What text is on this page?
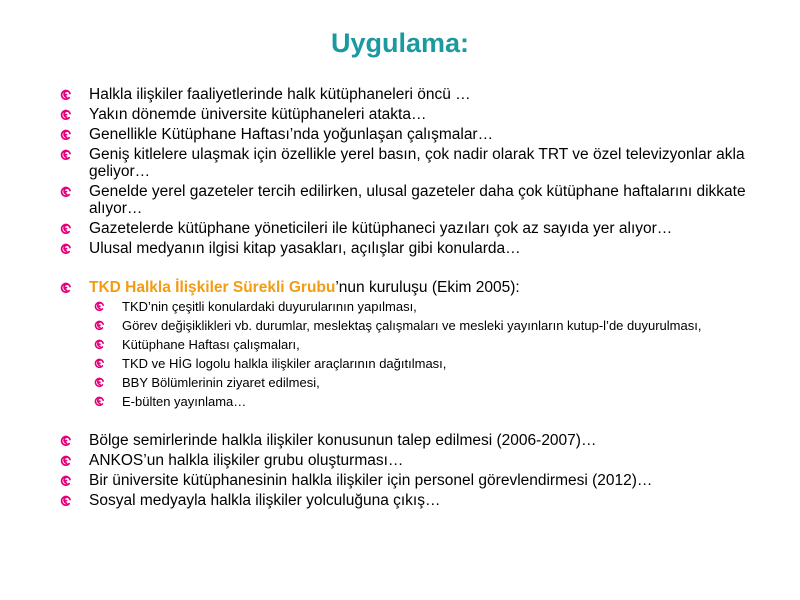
Uygulama:
Halkla ilişkiler faaliyetlerinde halk kütüphaneleri öncü …
Yakın dönemde üniversite kütüphaneleri atakta…
Genellikle Kütüphane Haftası’nda yoğunlaşan çalışmalar…
Geniş kitlelere ulaşmak için özellikle yerel basın, çok nadir olarak TRT ve özel televizyonlar akla geliyor…
Genelde yerel gazeteler tercih edilirken, ulusal gazeteler daha çok kütüphane haftalarını dikkate alıyor…
Gazetelerde kütüphane yöneticileri ile kütüphaneci yazıları çok az sayıda yer alıyor…
Ulusal medyanın ilgisi kitap yasakları, açılışlar gibi konularda…
TKD Halkla İlişkiler Sürekli Grubu’nun kuruluşu (Ekim 2005):
TKD’nin çeşitli konulardaki duyurularının yapılması,
Görev değişiklikleri vb. durumlar, meslektaş çalışmaları ve mesleki yayınların kutup-l’de duyurulması,
Kütüphane Haftası çalışmaları,
TKD ve HİG logolu halkla ilişkiler araçlarının dağıtılması,
BBY Bölümlerinin ziyaret edilmesi,
E-bülten yayınlama…
Bölge semirlerinde halkla ilişkiler konusunun talep edilmesi (2006-2007)…
ANKOS’un halkla ilişkiler grubu oluşturması…
Bir üniversite kütüphanesinin halkla ilişkiler için personel görevlendirmesi (2012)…
Sosyal medyayla halkla ilişkiler yolculuğuna çıkış…
